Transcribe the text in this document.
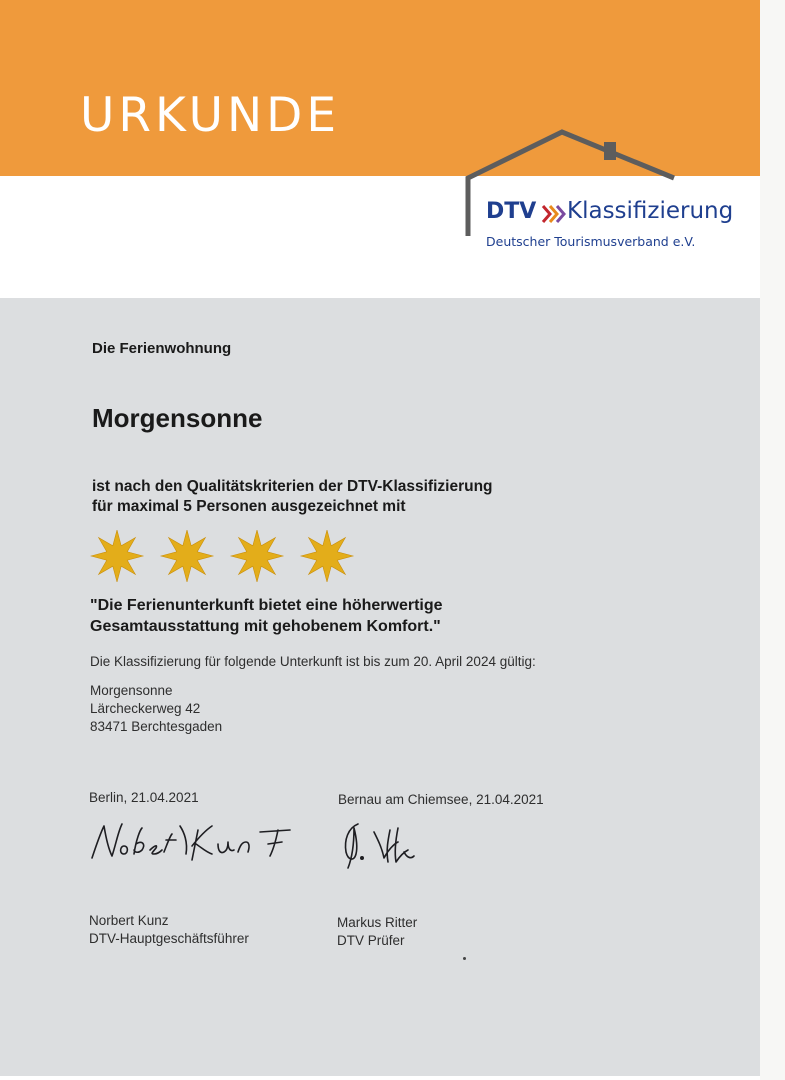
URKUNDE
DTV Klassifizierung
Deutscher Tourismusverband e.V.
Die Ferienwohnung
Morgensonne
ist nach den Qualitätskriterien der DTV-Klassifizierung
für maximal 5 Personen ausgezeichnet mit
"Die Ferienunterkunft bietet eine höherwertige
Gesamtausstattung mit gehobenem Komfort."
Die Klassifizierung für folgende Unterkunft ist bis zum 20. April 2024 gültig:
Morgensonne
Lärcheckerweg 42
83471 Berchtesgaden
Berlin, 21.04.2021	Bernau am Chiemsee, 21.04.2021
Norbert Kunz
DTV-Hauptgeschäftsführer
Markus Ritter
DTV Prüfer
